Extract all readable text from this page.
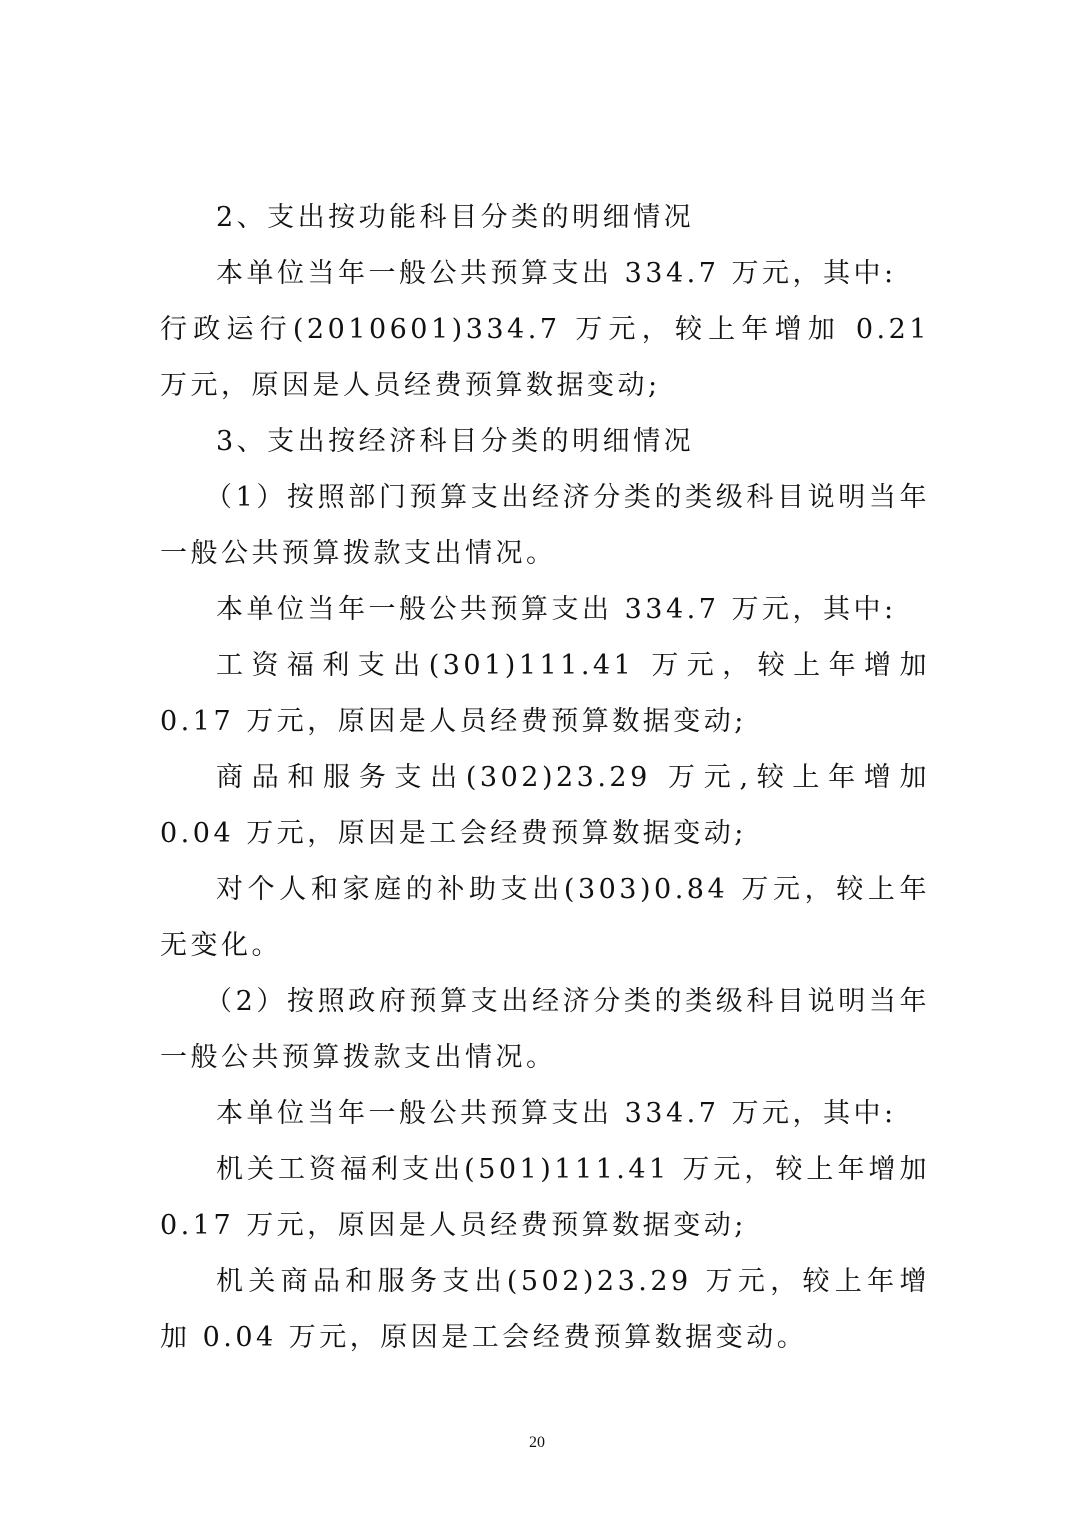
2、支出按功能科目分类的明细情况

本单位当年一般公共预算支出 334.7 万元，其中:

行政运行(2010601)334.7 万元，较上年增加 0.21 万元，原因是人员经费预算数据变动;

3、支出按经济科目分类的明细情况

（1）按照部门预算支出经济分类的类级科目说明当年一般公共预算拨款支出情况。

本单位当年一般公共预算支出 334.7 万元，其中:

工资福利支出(301)111.41 万元，较上年增加 0.17 万元，原因是人员经费预算数据变动;

商品和服务支出(302)23.29 万元,较上年增加 0.04 万元，原因是工会经费预算数据变动;

对个人和家庭的补助支出(303)0.84 万元，较上年无变化。

（2）按照政府预算支出经济分类的类级科目说明当年一般公共预算拨款支出情况。

本单位当年一般公共预算支出 334.7 万元，其中:

机关工资福利支出(501)111.41 万元，较上年增加 0.17 万元，原因是人员经费预算数据变动;

机关商品和服务支出(502)23.29 万元，较上年增加 0.04 万元，原因是工会经费预算数据变动。

20
